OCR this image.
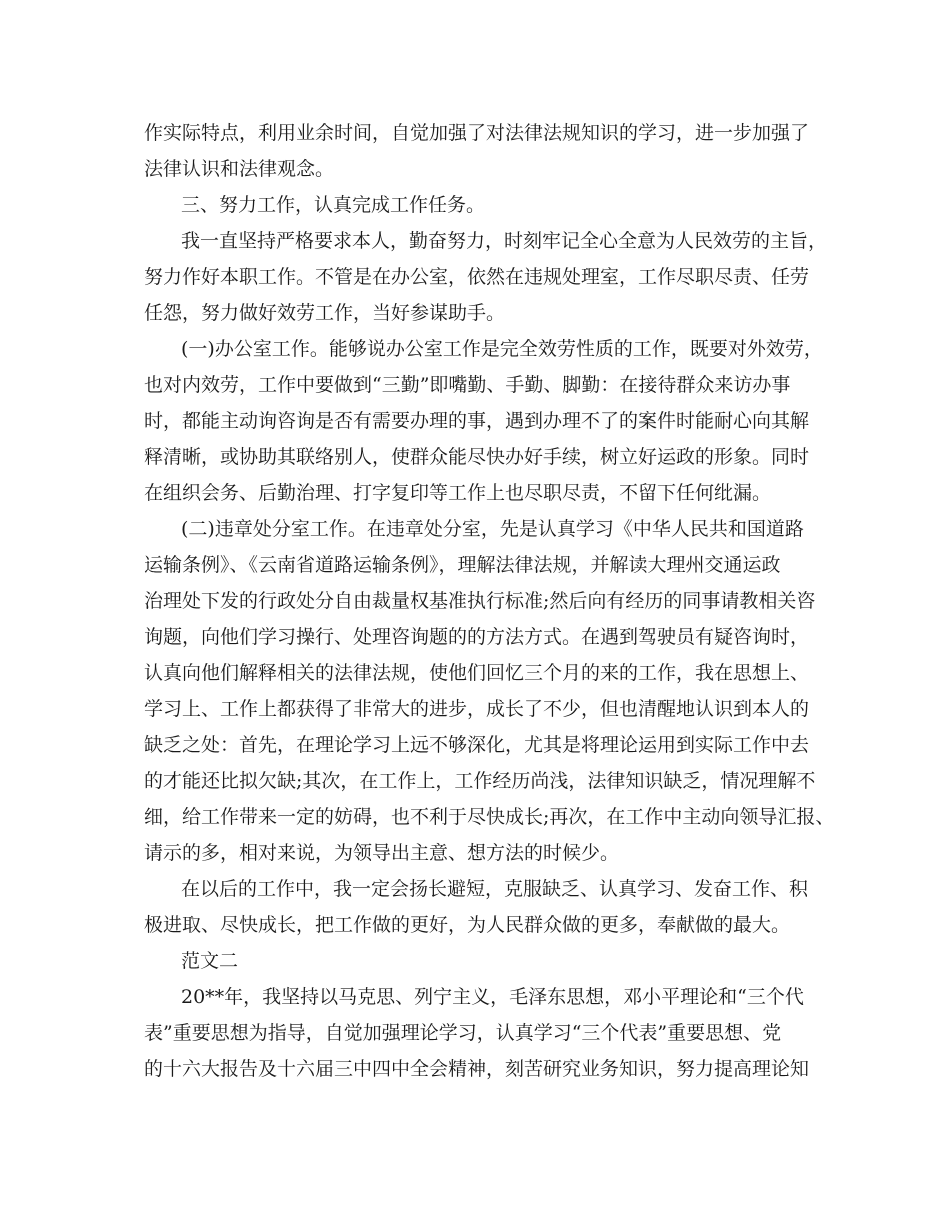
作实际特点，利用业余时间，自觉加强了对法律法规知识的学习，进一步加强了
法律认识和法律观念。
三、努力工作，认真完成工作任务。
我一直坚持严格要求本人，勤奋努力，时刻牢记全心全意为人民效劳的主旨，
努力作好本职工作。不管是在办公室，依然在违规处理室，工作尽职尽责、任劳
任怨，努力做好效劳工作，当好参谋助手。
(一)办公室工作。能够说办公室工作是完全效劳性质的工作，既要对外效劳，
也对内效劳，工作中要做到“三勤”即嘴勤、手勤、脚勤：在接待群众来访办事
时，都能主动询咨询是否有需要办理的事，遇到办理不了的案件时能耐心向其解
释清晰，或协助其联络别人，使群众能尽快办好手续，树立好运政的形象。同时
在组织会务、后勤治理、打字复印等工作上也尽职尽责，不留下任何纰漏。
(二)违章处分室工作。在违章处分室，先是认真学习《中华人民共和国道路
运输条例》、《云南省道路运输条例》，理解法律法规，并解读大理州交通运政
治理处下发的行政处分自由裁量权基准执行标准;然后向有经历的同事请教相关咨
询题，向他们学习操行、处理咨询题的的方法方式。在遇到驾驶员有疑咨询时，
认真向他们解释相关的法律法规，使他们回忆三个月的来的工作，我在思想上、
学习上、工作上都获得了非常大的进步，成长了不少，但也清醒地认识到本人的
缺乏之处：首先，在理论学习上远不够深化，尤其是将理论运用到实际工作中去
的才能还比拟欠缺;其次，在工作上，工作经历尚浅，法律知识缺乏，情况理解不
细，给工作带来一定的妨碍，也不利于尽快成长;再次，在工作中主动向领导汇报、
请示的多，相对来说，为领导出主意、想方法的时候少。
在以后的工作中，我一定会扬长避短，克服缺乏、认真学习、发奋工作、积
极进取、尽快成长，把工作做的更好，为人民群众做的更多，奉献做的最大。
范文二
20**年，我坚持以马克思、列宁主义，毛泽东思想，邓小平理论和“三个代
表”重要思想为指导，自觉加强理论学习，认真学习“三个代表”重要思想、党
的十六大报告及十六届三中四中全会精神，刻苦研究业务知识，努力提高理论知
